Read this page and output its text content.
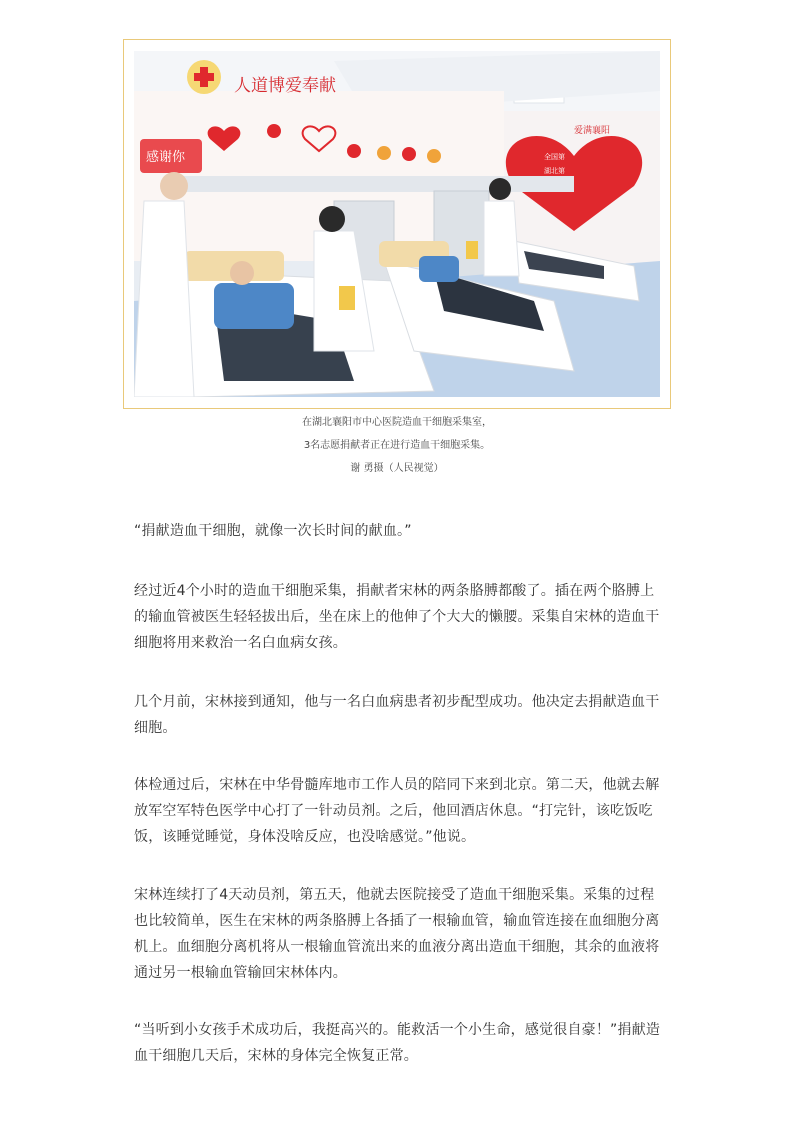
人道博爱奉献
感谢你
爱满襄阳
全国第
湖北第
在湖北襄阳市中心医院造血干细胞采集室，
3名志愿捐献者正在进行造血干细胞采集。
谢 勇摄（人民视觉）

“捐献造血干细胞，就像一次长时间的献血。”

经过近4个小时的造血干细胞采集，捐献者宋林的两条胳膊都酸了。插在两个胳膊上的输血管被医生轻轻拔出后，坐在床上的他伸了个大大的懒腰。采集自宋林的造血干细胞将用来救治一名白血病女孩。

几个月前，宋林接到通知，他与一名白血病患者初步配型成功。他决定去捐献造血干细胞。

体检通过后，宋林在中华骨髓库地市工作人员的陪同下来到北京。第二天，他就去解放军空军特色医学中心打了一针动员剂。之后，他回酒店休息。“打完针，该吃饭吃饭，该睡觉睡觉，身体没啥反应，也没啥感觉。”他说。

宋林连续打了4天动员剂，第五天，他就去医院接受了造血干细胞采集。采集的过程也比较简单，医生在宋林的两条胳膊上各插了一根输血管，输血管连接在血细胞分离机上。血细胞分离机将从一根输血管流出来的血液分离出造血干细胞，其余的血液将通过另一根输血管输回宋林体内。

“当听到小女孩手术成功后，我挺高兴的。能救活一个小生命，感觉很自豪！”捐献造血干细胞几天后，宋林的身体完全恢复正常。
